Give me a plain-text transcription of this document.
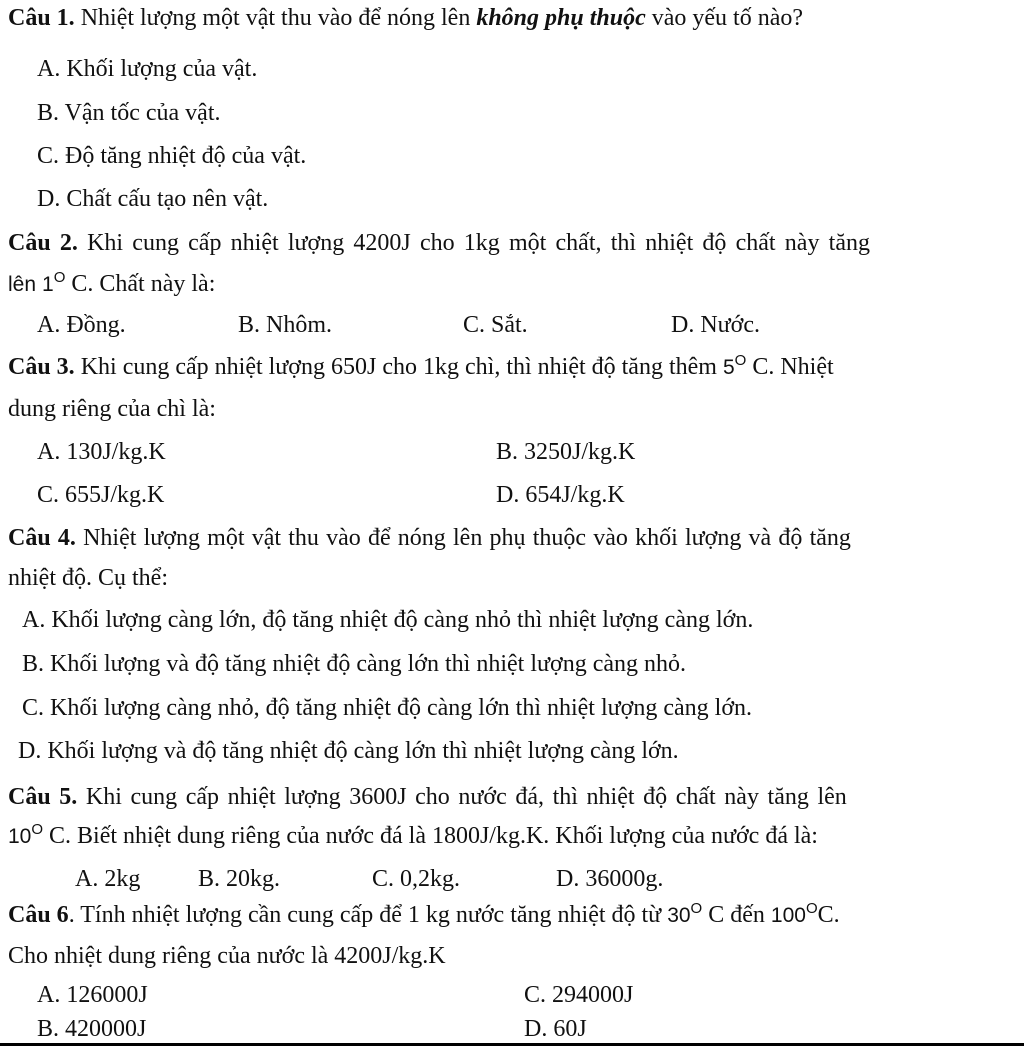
Câu 1. Nhiệt lượng một vật thu vào để nóng lên không phụ thuộc vào yếu tố nào?
A. Khối lượng của vật.
B. Vận tốc của vật.
C. Độ tăng nhiệt độ của vật.
D. Chất cấu tạo nên vật.
Câu 2. Khi cung cấp nhiệt lượng 4200J cho 1kg một chất, thì nhiệt độ chất này tăng
lên $1^O$ C. Chất này là:
A. Đồng.	B. Nhôm.	C. Sắt.	D. Nước.
Câu 3. Khi cung cấp nhiệt lượng 650J cho 1kg chì, thì nhiệt độ tăng thêm $5^O$ C. Nhiệt
dung riêng của chì là:
A. 130J/kg.K	B. 3250J/kg.K
C. 655J/kg.K	D. 654J/kg.K
Câu 4. Nhiệt lượng một vật thu vào để nóng lên phụ thuộc vào khối lượng và độ tăng
nhiệt độ. Cụ thể:
A. Khối lượng càng lớn, độ tăng nhiệt độ càng nhỏ thì nhiệt lượng càng lớn.
B. Khối lượng và độ tăng nhiệt độ càng lớn thì nhiệt lượng càng nhỏ.
C. Khối lượng càng nhỏ, độ tăng nhiệt độ càng lớn thì nhiệt lượng càng lớn.
D. Khối lượng và độ tăng nhiệt độ càng lớn thì nhiệt lượng càng lớn.
Câu 5. Khi cung cấp nhiệt lượng 3600J cho nước đá, thì nhiệt độ chất này tăng lên
$10^O$ C. Biết nhiệt dung riêng của nước đá là 1800J/kg.K. Khối lượng của nước đá là:
A. 2kg B. 20kg.	C. 0,2kg.	D. 36000g.
Câu 6. Tính nhiệt lượng cần cung cấp để 1 kg nước tăng nhiệt độ từ $30^O$ C đến $100^OC$.
Cho nhiệt dung riêng của nước là 4200J/kg.K
A. 126000J	C. 294000J
B. 420000J	D. 60J
